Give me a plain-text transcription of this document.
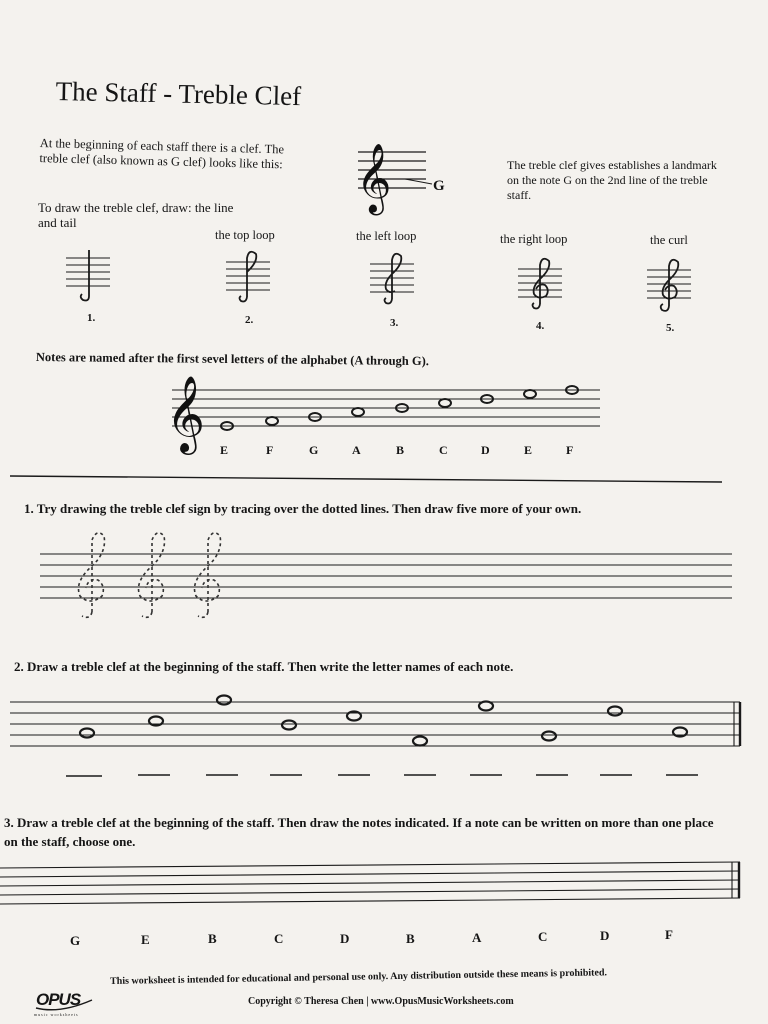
The Staff - Treble Clef
At the beginning of each staff there is a clef. The treble clef (also known as G clef) looks like this:
G
The treble clef gives establishes a landmark on the note G on the 2nd line of the treble staff.
To draw the treble clef, draw: the line and tail
the top loop	the left loop	the right loop	the curl
1.	2.	3.	4.	5.
Notes are named after the first sevel letters of the alphabet (A through G).
E	F	G	A	B	C	D	E	F
1. Try drawing the treble clef sign by tracing over the dotted lines. Then draw five more of your own.
2. Draw a treble clef at the beginning of the staff. Then write the letter names of each note.
3. Draw a treble clef at the beginning of the staff. Then draw the notes indicated. If a note can be written on more than one place on the staff, choose one.
G	E	B	C	D	B	A	C	D	F
OPUS
music worksheets
This worksheet is intended for educational and personal use only. Any distribution outside these means is prohibited.
Copyright © Theresa Chen | www.OpusMusicWorksheets.com
𝄞
𝄞
